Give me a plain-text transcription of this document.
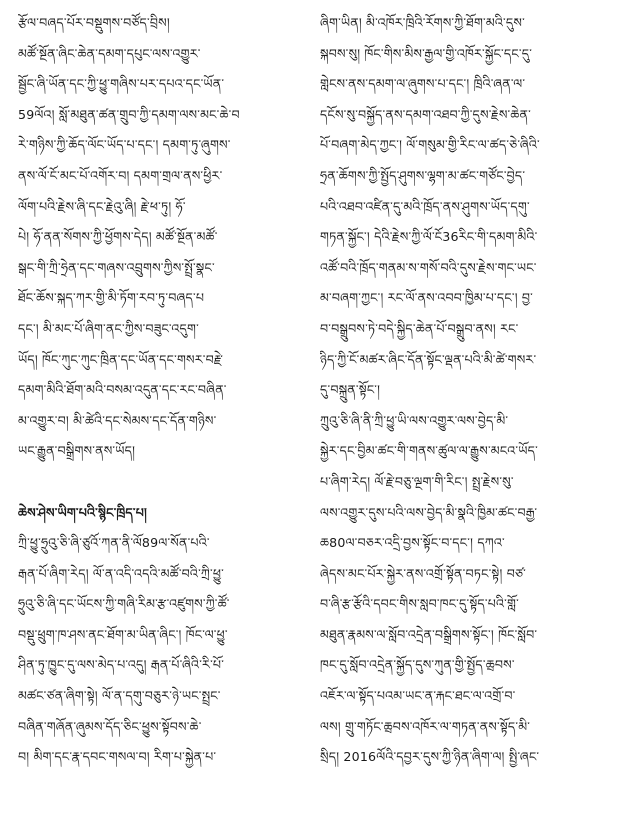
རྩོལ་བཞད་པོར་བསྡུགས་བཙོད་བྲིས།
མཚོ་སྔོན་ཞིང་ཆེན་དམག་དཔུང་ལས་འགྱུར་
སྦྱོང་ཞི་ཡོན་དང་ཀྱི་ཕྱུ་གཞིས་པར་དཔའ་དང་ཡོན་
59ལོའ། སློ་མཐུན་ཚན་གྲུབ་ཀྱི་དམག་ལས་མང་ཆེ་བ
རེ་གཉིས་ཀྱི་ཆོད་ལོང་ཡོད་པ་དང་། དམག་ཏུ་ཞུགས་
ནས་ལོ་ངོ་མང་པོ་འགོར་བ། དམག་གྲལ་ནས་ཕྱིར་
ལོག་པའི་རྗེས་ཞི་དང་རྗེའུ་ཞི། རྗེ་ཕ་ཏུ། ཧོ་
པེ། ཧོ་ནན་སོགས་ཀྱི་ཕྱོགས་དེད། མཚོ་སྔོན་མཚོ་
སྒང་གི་ཀྲི་ཧྲེན་དང་གཞས་འབྲུགས་ཀྱིས་སྤྲོ་སྣང་
ཐོང་ཆོས་སྐད་ཀར་གྱི་མི་ཏོག་རབ་ཏུ་བཞད་པ
དང་། མི་མང་པོ་ཞིག་ནང་ཀྱིས་བཟུང་འདུག་
ཡོད། ཁོང་ཀུང་ཀུང་ཁྲིན་དང་ཡོན་དང་གསར་བརྗེ་
དམག་མིའི་ཐོག་མའི་བསམ་འདུན་དང་རང་བཞིན་
མ་འགྱུར་བ། མི་ཚེའི་དང་སེམས་དང་དོན་གཉིས་
ཡང་རྒྱུན་བསྒྲིགས་ནས་ཡོད།
ཆེས་ཤེས་ཡིག་པའི་སྙིང་ཁྲིད་པ།
ཀྲི་ཕྱུ་ཧྲུའུ་ཅི་ཞི་ཙུའོ་ཀན་ནི་ལོ89ལ་སོན་པའི་
རྒན་པོ་ཞིག་རེད། ལོ་ན་འདི་འདའི་མཚོ་བའི་ཀྲི་ཕྱུ་
ཧྲུའུ་ཅི་ཞི་དང་ཡོངས་ཀྱི་གཞི་རིམ་རྩ་འཛུགས་ཀྱི་ཚོ་
བསྡུ་ཕྲུག་ཁ་ཤས་ནང་ཐོག་མ་ཡིན་ཞིང་། ཁོང་ལ་ཕྱུ་
ཤིན་ཏུ་ཁྱུང་དུ་ལས་མེད་པ་འདུ། རྒན་པོ་ཞིའི་རི་པོ་
མཚང་ཙན་ཞིག་སྟེ། ལོ་ན་དགུ་བཅུར་ཉེ་ཡང་སྤྲང་
བཞིན་གཞོན་ཞུམས་དོད་ཅིང་ཕྱུས་སྟོབས་ཆེ་
བ། མིག་དང་རྣ་དབང་གསལ་བ། རིག་པ་སྐྱེན་པ་
ཞིག་ཡིན། མི་འཁོར་ཁྲིའི་རོགས་ཀྱི་ཐོག་མའི་དུས་
སྐབས་སུ། ཁོང་གིས་མིས་རྒྱལ་གྱི་འཁོར་སྐྱོང་དང་དུ་
གླེངས་ནས་དམག་ལ་ཞུགས་པ་དང་། ཁྲིའི་ཞན་ལ་
དངོས་སུ་བསྐྱོད་ནས་དམག་འཐབ་ཀྱི་དུས་རྗེས་ཆེན་
པོ་བཞག་མེད་ཀྱང་། ལོ་གསུམ་གྱི་རིང་ལ་ཚད་ཅེ་ཞིའི་
ཧྲན་ཆོགས་ཀྱི་སྤྱོད་ཤུགས་ལྷག་མ་ཚང་གཙོང་བྱེད་
པའི་འཐབ་འཛིན་དུ་མའི་ཁྲོད་ནས་ཤུགས་ཡོད་དགུ་
གཏན་སྐྱོང་། དེའི་རྗེས་ཀྱི་ལོ་ངོ36རིང་གི་དམག་མིའི་
འཚོ་བའི་ཁྲོད་གནམ་ས་གསོ་བའི་དུས་རྗེས་གང་ཡང་
མ་བཞག་ཀྱང་། རང་ལོ་ནས་འབབ་ཁྱིམ་པ་དང་། བྱ་
བ་བསྒྲུབས་ཏེ་བདེ་སྐྱིད་ཆེན་པོ་བསྒྲུབ་ནས། རང་
ཉིད་ཀྱི་ངོ་མཚར་ཞིང་དོན་སྟོང་ལྡན་པའི་མི་ཚེ་གསར་
དུ་བསྐྲུན་སྟོང་།
ཀྲུའུ་ཅི་ཞི་ནི་ཀྲི་ཕྱུ་ཡི་ལས་འགྱུར་ལས་བྱེད་མི་
སྐྱེར་དང་བྱིམ་ཚང་གི་གནས་ཚུལ་ལ་རྒྱུས་མངའ་ཡོད་
པ་ཞིག་རེད། ལོ་རྗེ་བཅུ་ལྔག་གི་རིང་། སྤྲ་རྗེས་སུ་
ལས་འགྱུར་དུས་པའི་ལས་བྱེད་མི་སྣའི་ཁྱིམ་ཚང་བརྒྱ་
ཆ80ལ་བཅར་འདྲི་བྱས་སྟོང་བ་དང་། དཀའ་
ཞེདས་མང་པོར་སྐྱེར་ནས་འགྲོ་སྟོན་བཏང་སྟེ། བཙ་
བ་ཞི་རྩ་རྩོའི་དབང་གིས་སླབ་ཁང་དུ་སྟོད་པའི་གློ་
མཐུན་རྣམས་ལ་སློབ་འདྲེན་བསྒྲིགས་སྟོང་། ཁོང་སློབ་
ཁང་དུ་སློབ་འདྲེན་སྐྱོད་དུས་ཀུན་གྱི་སྤྱོད་ཆྲབས་
འཇོར་ལ་སྟོད་པའམ་ཡང་ན་རྐང་ཐང་ལ་འགྲོ་བ་
ལས། གྲུ་གཏོང་ཆྲབས་འཁོར་ལ་གཏན་ནས་སྟོད་མི་
སྲིད། 2016ལོའི་དབྱར་དུས་ཀྱི་ཉིན་ཞིག་ལ། སྤྱི་ཞང་
